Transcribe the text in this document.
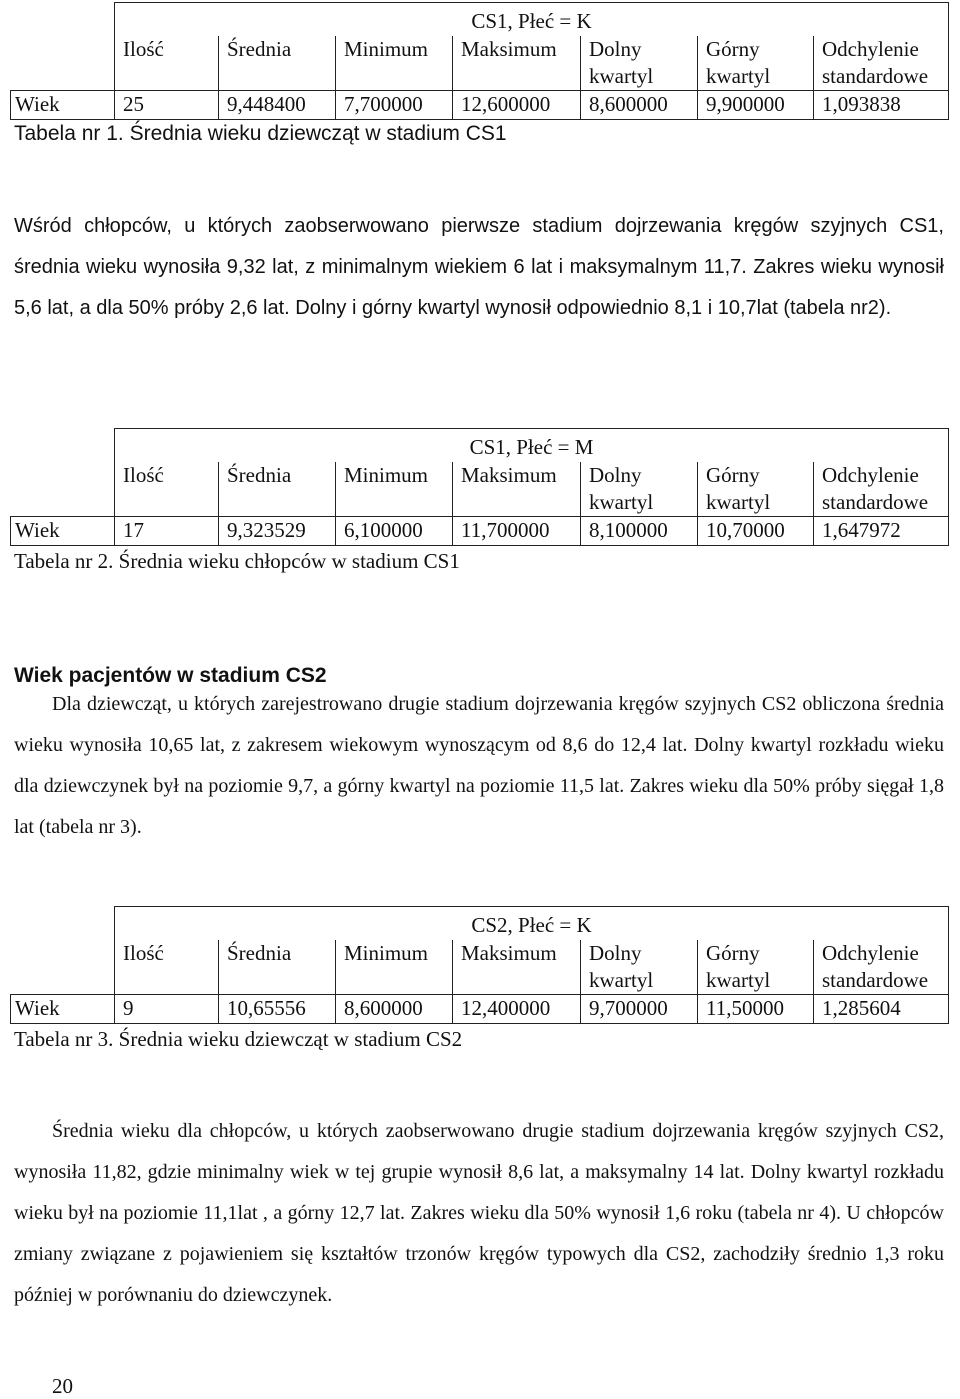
	CS1, Płeć = K						
	Ilość	Średnia	Minimum	Maksimum	Dolny kwartyl	Górny kwartyl	Odchylenie standardowe
Wiek	25	9,448400	7,700000	12,600000	8,600000	9,900000	1,093838
Tabela nr 1. Średnia wieku dziewcząt w stadium CS1

Wśród chłopców, u których zaobserwowano pierwsze stadium dojrzewania kręgów szyjnych CS1, średnia wieku wynosiła 9,32 lat, z minimalnym wiekiem 6 lat i maksymalnym 11,7. Zakres wieku wynosił 5,6 lat, a dla 50% próby 2,6 lat. Dolny i górny kwartyl wynosił odpowiednio 8,1 i 10,7lat (tabela nr2).

	CS1, Płeć = M						
	Ilość	Średnia	Minimum	Maksimum	Dolny kwartyl	Górny kwartyl	Odchylenie standardowe
Wiek	17	9,323529	6,100000	11,700000	8,100000	10,70000	1,647972
Tabela nr 2. Średnia wieku chłopców w stadium CS1
Wiek pacjentów w stadium CS2

Dla dziewcząt, u których zarejestrowano drugie stadium dojrzewania kręgów szyjnych CS2 obliczona średnia wieku wynosiła 10,65 lat, z zakresem wiekowym wynoszącym od 8,6 do 12,4 lat. Dolny kwartyl rozkładu wieku dla dziewczynek był na poziomie 9,7, a górny kwartyl na poziomie 11,5 lat. Zakres wieku dla 50% próby sięgał 1,8 lat (tabela nr 3).

	CS2, Płeć = K						
	Ilość	Średnia	Minimum	Maksimum	Dolny kwartyl	Górny kwartyl	Odchylenie standardowe
Wiek	9	10,65556	8,600000	12,400000	9,700000	11,50000	1,285604
Tabela nr 3. Średnia wieku dziewcząt w stadium CS2

Średnia wieku dla chłopców, u których zaobserwowano drugie stadium dojrzewania kręgów szyjnych CS2, wynosiła 11,82, gdzie minimalny wiek w tej grupie wynosił 8,6 lat, a maksymalny 14 lat. Dolny kwartyl rozkładu wieku był na poziomie 11,1lat , a górny 12,7 lat. Zakres wieku dla 50% wynosił 1,6 roku (tabela nr 4). U chłopców zmiany związane z pojawieniem się kształtów trzonów kręgów typowych dla CS2, zachodziły średnio 1,3 roku później w porównaniu do dziewczynek.

20
